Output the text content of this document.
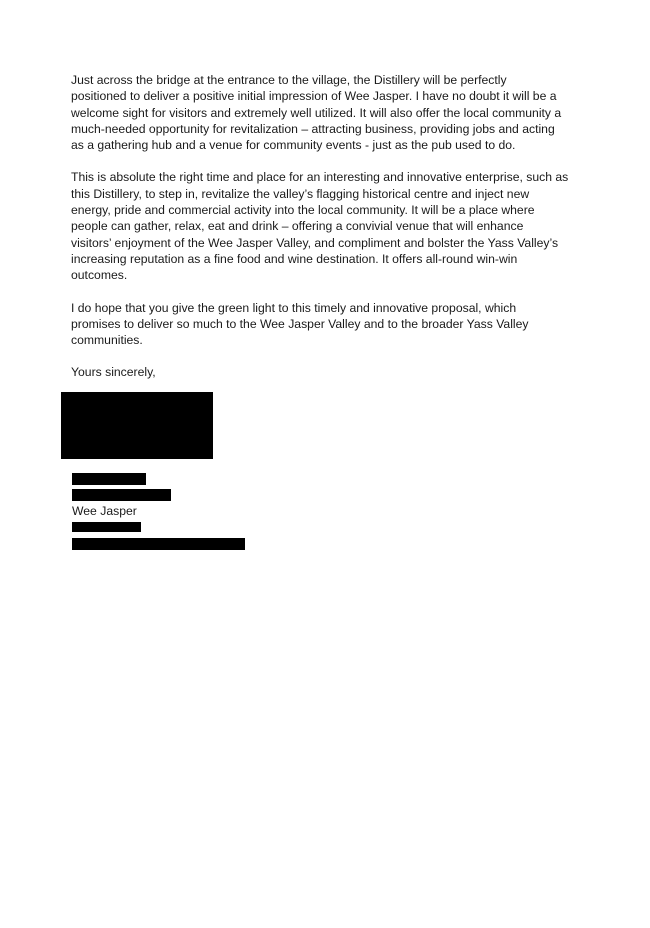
Just across the bridge at the entrance to the village, the Distillery will be perfectly
positioned to deliver a positive initial impression of Wee Jasper. I have no doubt it will be a
welcome sight for visitors and extremely well utilized. It will also offer the local community a
much-needed opportunity for revitalization – attracting business, providing jobs and acting
as a gathering hub and a venue for community events - just as the pub used to do.

This is absolute the right time and place for an interesting and innovative enterprise, such as
this Distillery, to step in, revitalize the valley’s flagging historical centre and inject new
energy, pride and commercial activity into the local community. It will be a place where
people can gather, relax, eat and drink – offering a convivial venue that will enhance
visitors’ enjoyment of the Wee Jasper Valley, and compliment and bolster the Yass Valley’s
increasing reputation as a fine food and wine destination. It offers all-round win-win
outcomes.

I do hope that you give the green light to this timely and innovative proposal, which
promises to deliver so much to the Wee Jasper Valley and to the broader Yass Valley
communities.

Yours sincerely,

Wee Jasper
